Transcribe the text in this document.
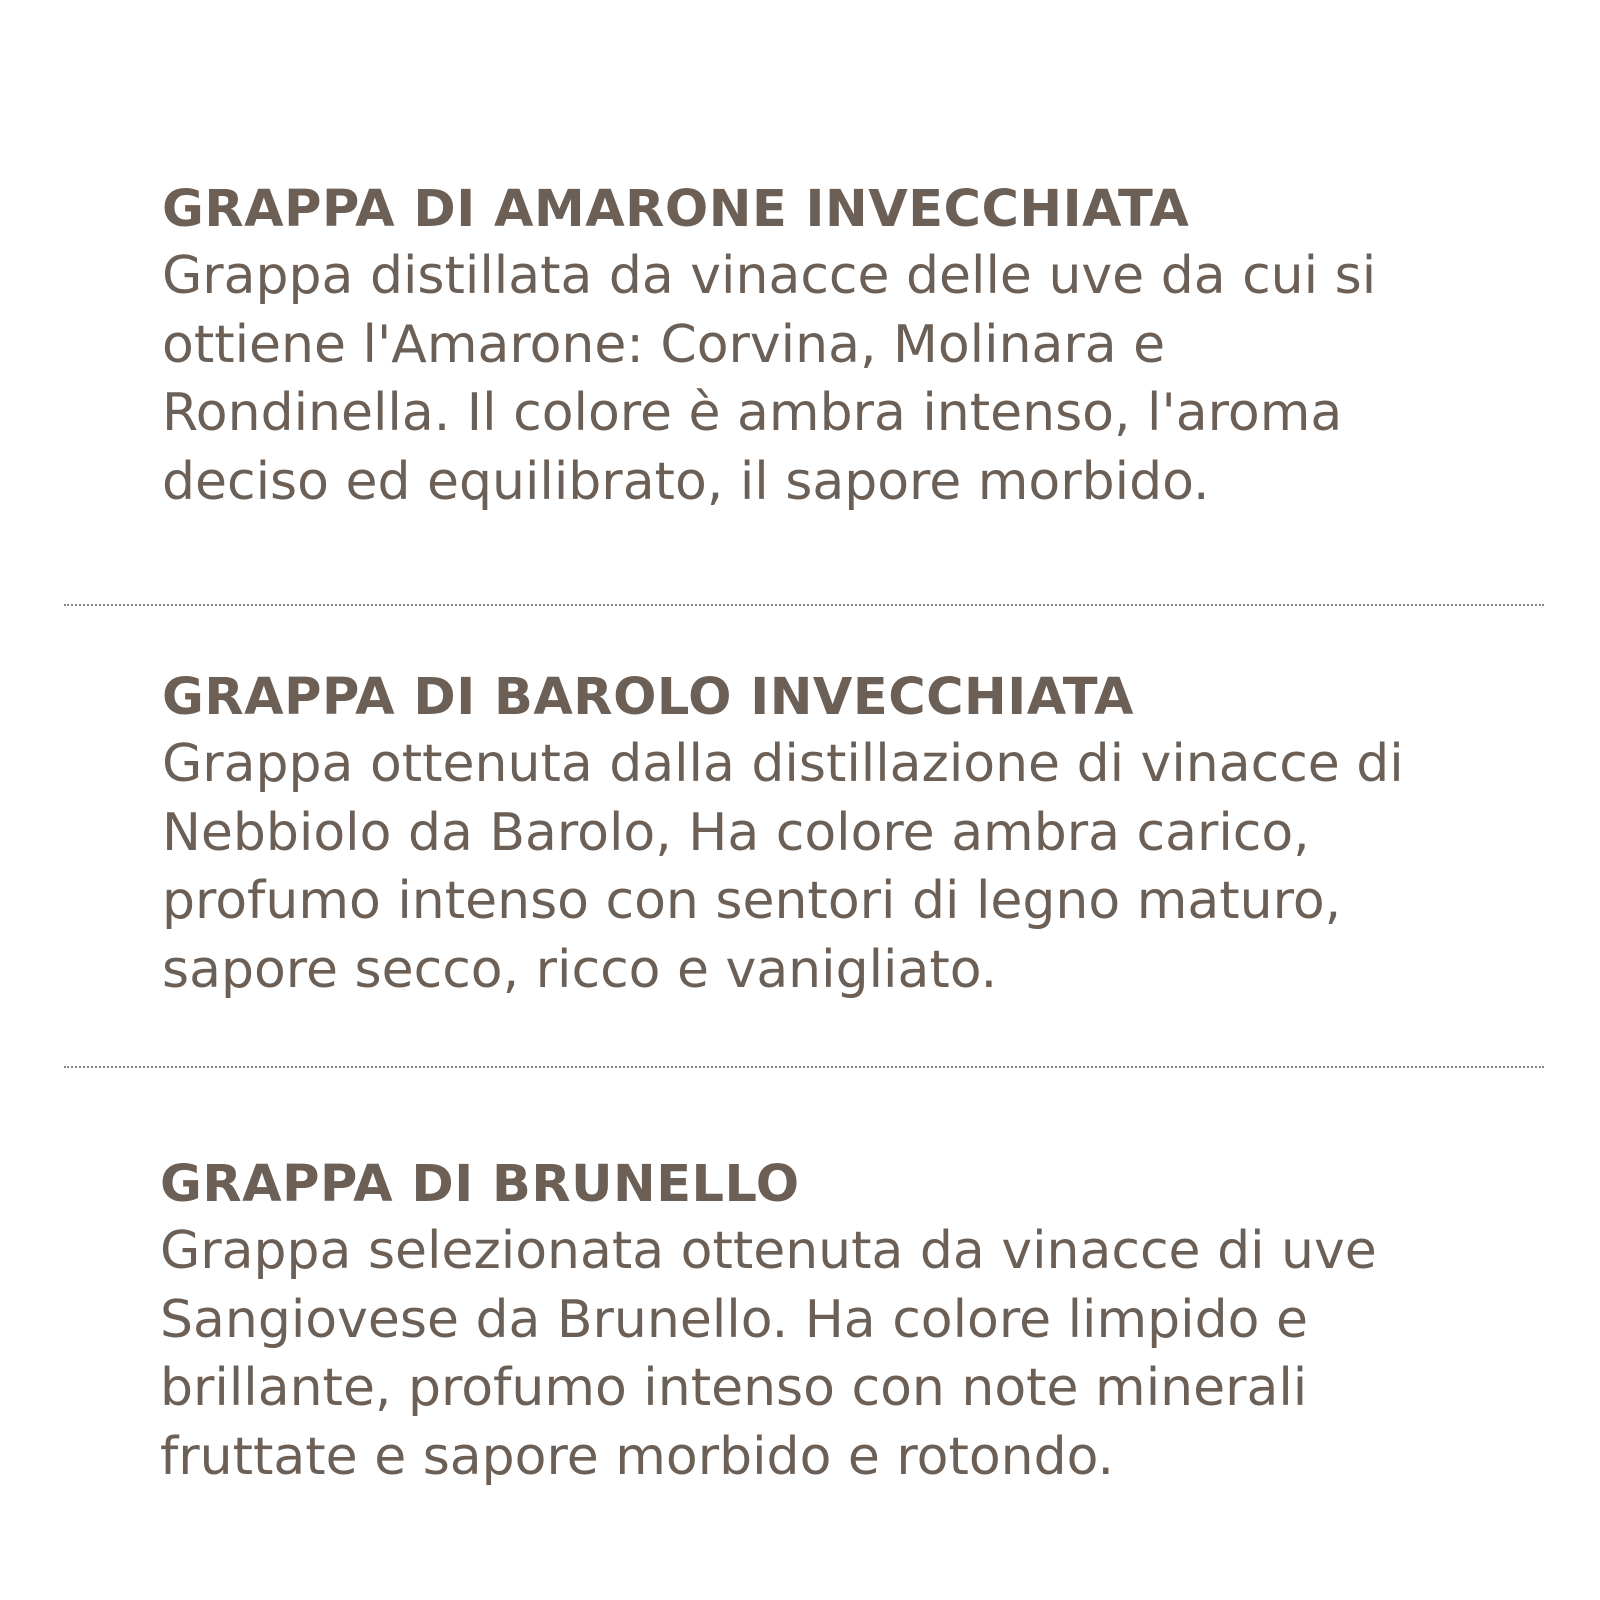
GRAPPA DI AMARONE INVECCHIATA

Grappa distillata da vinacce delle uve da cui si
ottiene l'Amarone: Corvina, Molinara e
Rondinella. Il colore è ambra intenso, l'aroma
deciso ed equilibrato, il sapore morbido.

GRAPPA DI BAROLO INVECCHIATA

Grappa ottenuta dalla distillazione di vinacce di
Nebbiolo da Barolo, Ha colore ambra carico,
profumo intenso con sentori di legno maturo,
sapore secco, ricco e vanigliato.

GRAPPA DI BRUNELLO

Grappa selezionata ottenuta da vinacce di uve
Sangiovese da Brunello. Ha colore limpido e
brillante, profumo intenso con note minerali
fruttate e sapore morbido e rotondo.
